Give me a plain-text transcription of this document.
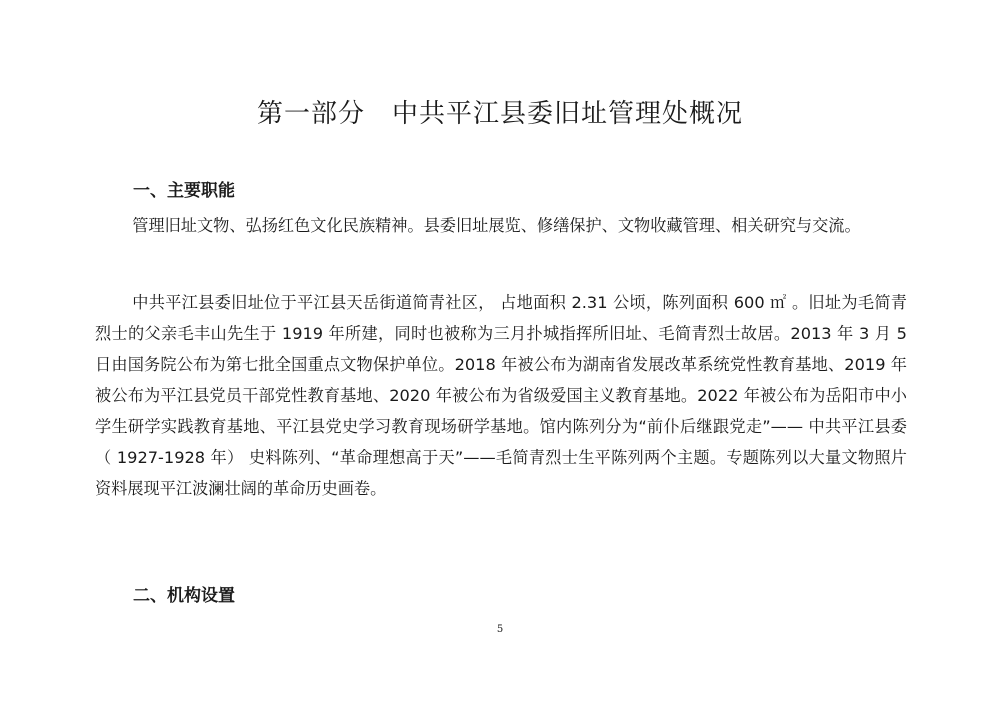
第一部分　中共平江县委旧址管理处概况
一、主要职能

管理旧址文物、弘扬红色文化民族精神。县委旧址展览、修缮保护、文物收藏管理、相关研究与交流。

中共平江县委旧址位于平江县天岳街道简青社区， 占地面积 2.31 公顷，陈列面积 600 ㎡ 。旧址为毛简青烈士的父亲毛丰山先生于 1919 年所建，同时也被称为三月扑城指挥所旧址、毛简青烈士故居。2013 年 3 月 5 日由国务院公布为第七批全国重点文物保护单位。2018 年被公布为湖南省发展改革系统党性教育基地、2019 年被公布为平江县党员干部党性教育基地、2020 年被公布为省级爱国主义教育基地。2022 年被公布为岳阳市中小学生研学实践教育基地、平江县党史学习教育现场研学基地。馆内陈列分为“前仆后继跟党走”—— 中共平江县委（ 1927-1928 年） 史料陈列、“革命理想高于天”——毛简青烈士生平陈列两个主题。专题陈列以大量文物照片资料展现平江波澜壮阔的革命历史画卷。

二、机构设置
5
